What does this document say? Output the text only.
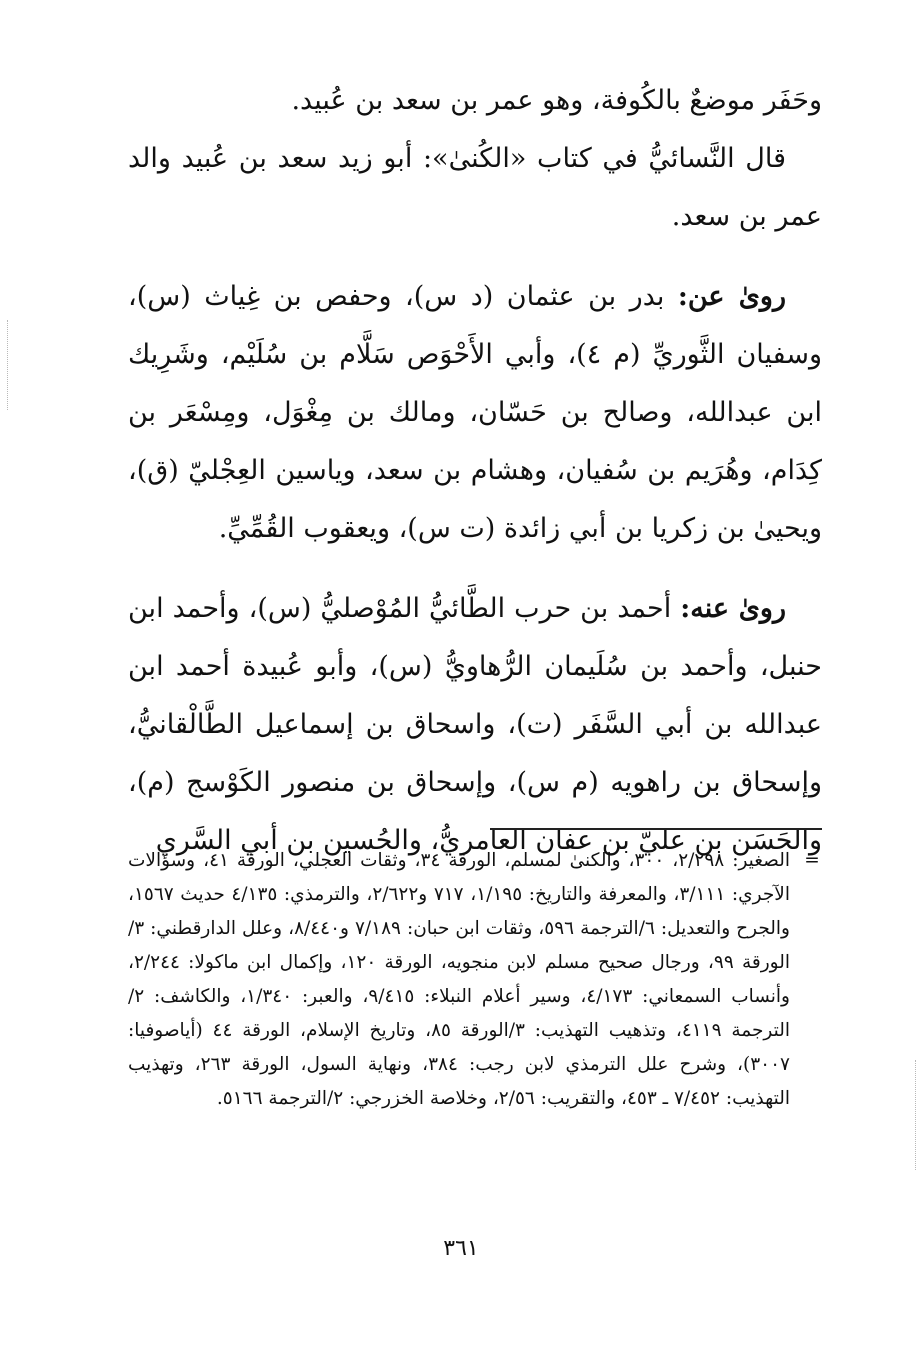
وحَفَر موضعٌ بالكُوفة، وهو عمر بن سعد بن عُبيد.

قال النَّسائيُّ في كتاب «الكُنىٰ»: أبو زيد سعد بن عُبيد والد عمر بن سعد.

روىٰ عن: بدر بن عثمان (د س)، وحفص بن غِياث (س)، وسفيان الثَّوريِّ (م ٤)، وأبي الأَحْوَص سَلَّام بن سُلَيْم، وشَرِيك ابن عبدالله، وصالح بن حَسّان، ومالك بن مِغْوَل، ومِسْعَر بن كِدَام، وهُرَيم بن سُفيان، وهشام بن سعد، وياسين العِجْليّ (ق)، ويحيىٰ بن زكريا بن أبي زائدة (ت س)، ويعقوب القُمِّيِّ.

روىٰ عنه: أحمد بن حرب الطَّائيُّ المُوْصليُّ (س)، وأحمد ابن حنبل، وأحمد بن سُلَيمان الرُّهاويُّ (س)، وأبو عُبيدة أحمد ابن عبدالله بن أبي السَّفَر (ت)، واسحاق بن إسماعيل الطَّالْقانيُّ، وإسحاق بن راهويه (م س)، وإسحاق بن منصور الكَوْسج (م)، والحَسَن بن عليّ بن عفان العامريُّ، والحُسين بن أبي السَّري

=
الصغير: ٢/٢٩٨، ٣٠٠، والكنىٰ لمسلم، الورقة ٣٤، وثقات العجلي، الورقة ٤١، وسؤالات الآجري: ٣/١١١، والمعرفة والتاريخ: ١/١٩٥، ٧١٧ و٢/٦٢٢، والترمذي: ٤/١٣٥ حديث ١٥٦٧، والجرح والتعديل: ٦/الترجمة ٥٩٦، وثقات ابن حبان: ٧/١٨٩ و٨/٤٤٠، وعلل الدارقطني: ٣/الورقة ٩٩، ورجال صحيح مسلم لابن منجويه، الورقة ١٢٠، وإكمال ابن ماكولا: ٢/٢٤٤، وأنساب السمعاني: ٤/١٧٣، وسير أعلام النبلاء: ٩/٤١٥، والعبر: ١/٣٤٠، والكاشف: ٢/الترجمة ٤١١٩، وتذهيب التهذيب: ٣/الورقة ٨٥، وتاريخ الإسلام، الورقة ٤٤ (أياصوفيا: ٣٠٠٧)، وشرح علل الترمذي لابن رجب: ٣٨٤، ونهاية السول، الورقة ٢٦٣، وتهذيب التهذيب: ٧/٤٥٢ ـ ٤٥٣، والتقريب: ٢/٥٦، وخلاصة الخزرجي: ٢/الترجمة ٥١٦٦.

٣٦١
